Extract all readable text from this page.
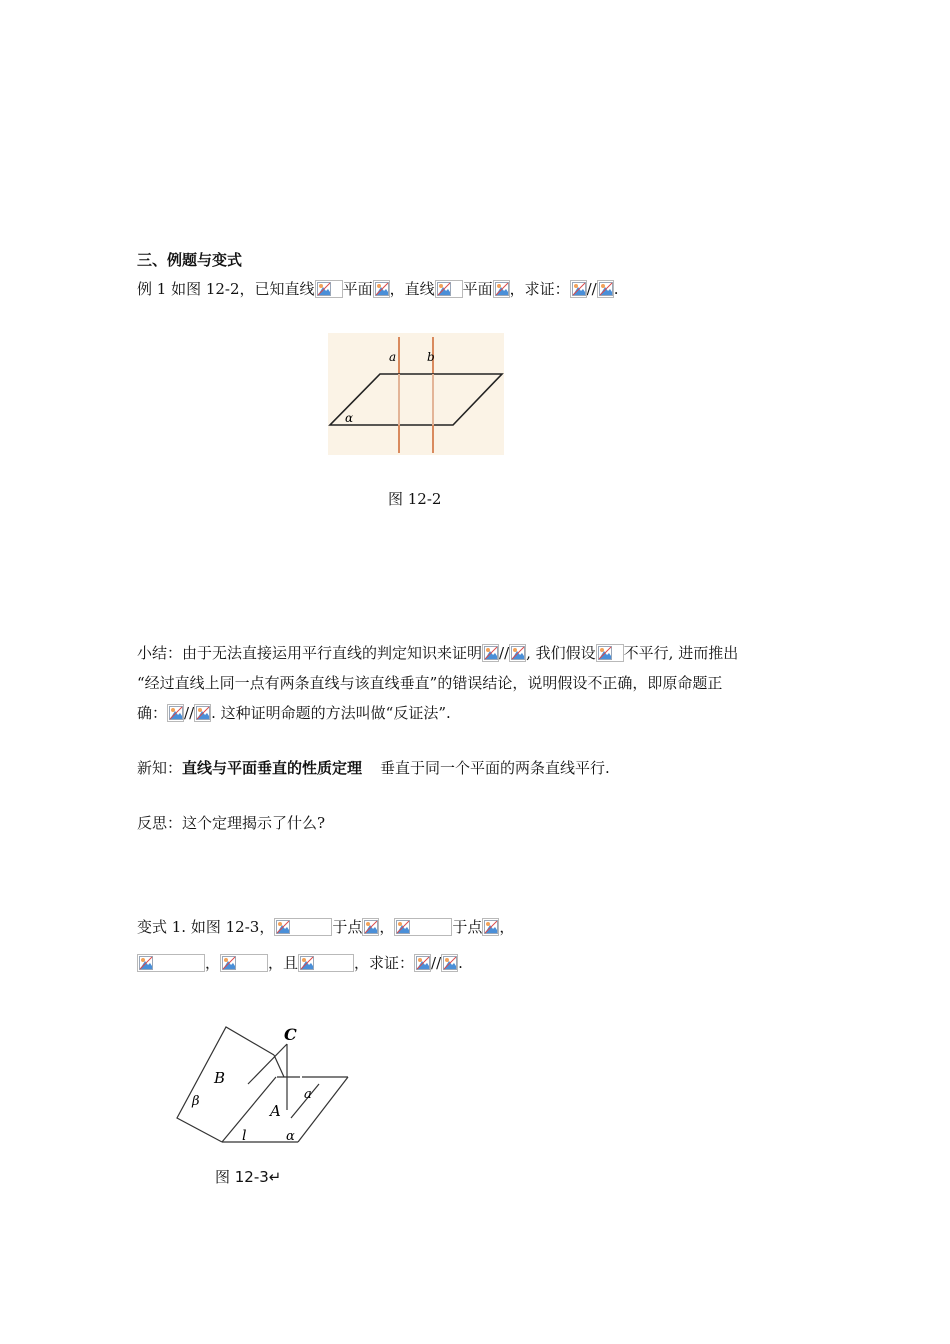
三、例题与变式
例 1 如图 12-2，已知直线 平面 ，直线 平面 ，求证： // .
a	b
α
图 12-2
小结：由于无法直接运用平行直线的判定知识来证明 // , 我们假设 不平行, 进而推出
“经过直线上同一点有两条直线与该直线垂直”的错误结论，说明假设不正确，即原命题正
确： // . 这种证明命题的方法叫做“反证法”.
新知：直线与平面垂直的性质定理 垂直于同一个平面的两条直线平行.
反思：这个定理揭示了什么?
变式 1. 如图 12-3，	于点 ，	于点 ，
，	，且	，求证： // .
C
B
β
A
a
l	α
图 12-3↵
